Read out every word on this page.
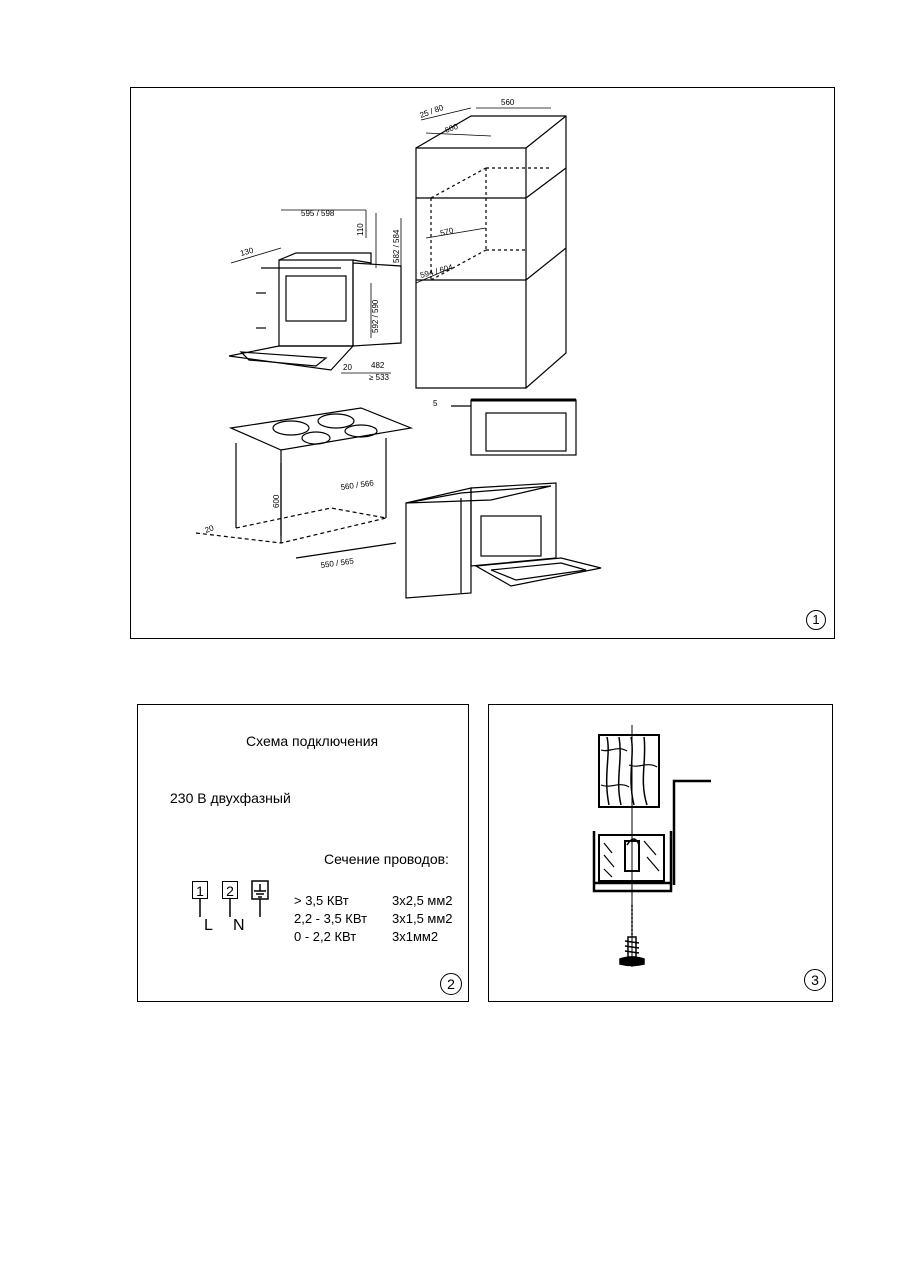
25 / 80
560
600
595 / 598
110
582 / 584
130
570
592 / 590
594 / 604
20 482
≥ 533
600
560 / 566
550 / 565
20
5
1
Схема подключения
230 В двухфазный
Сечение проводов:
1 2
L N
> 3,5 КВт	3х2,5 мм2
2,2 - 3,5 КВт 3х1,5 мм2
0 - 2,2 КВт	3х1мм2
2	3
